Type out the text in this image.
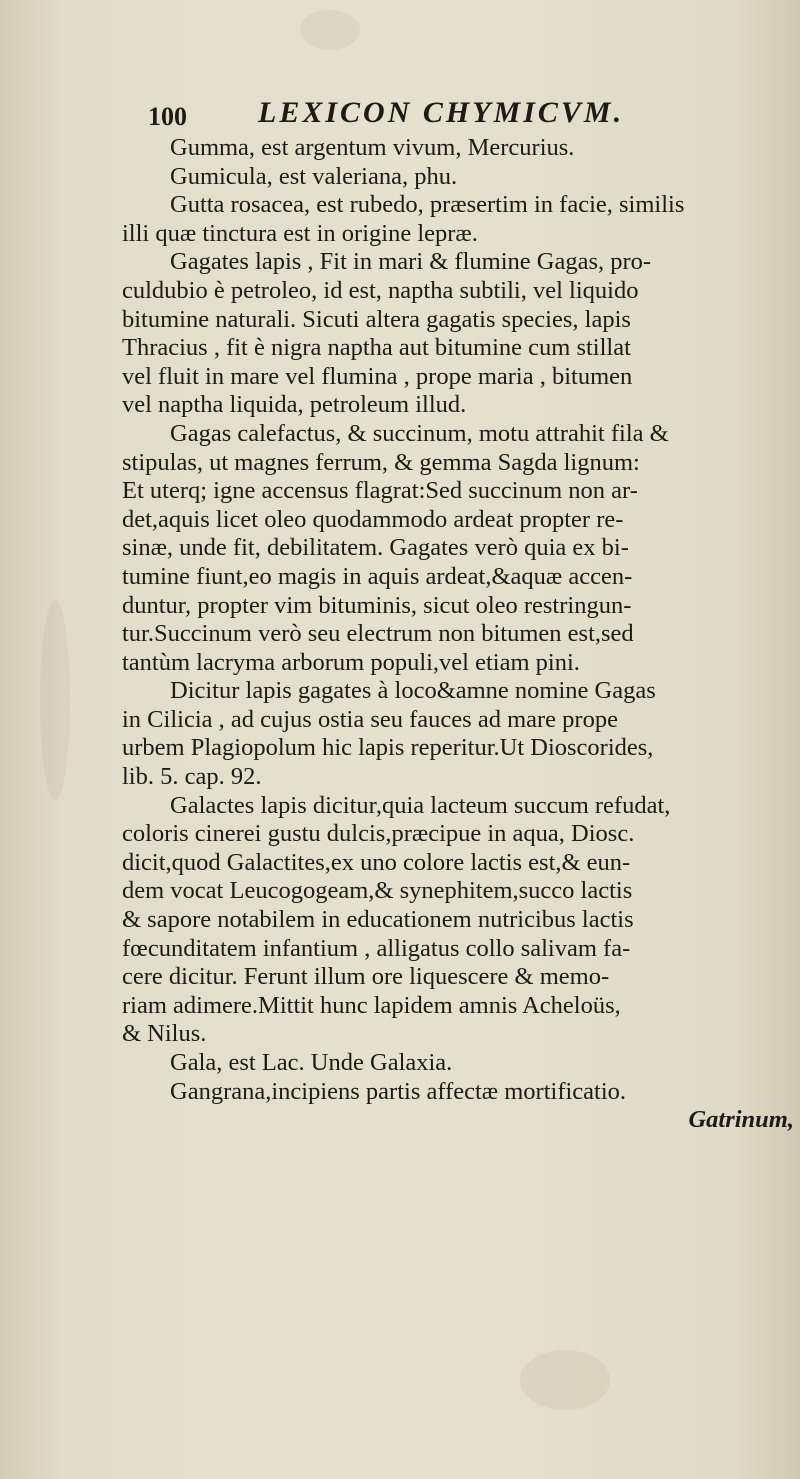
100 LEXICON CHYMICVM.
Gumma, est argentum vivum, Mercurius.
Gumicula, est valeriana, phu.
Gutta rosacea, est rubedo, præsertim in facie, similis
illi quæ tinctura est in origine lepræ.
Gagates lapis , Fit in mari & flumine Gagas, pro-
culdubio è petroleo, id est, naptha subtili, vel liquido
bitumine naturali. Sicuti altera gagatis species, lapis
Thracius , fit è nigra naptha aut bitumine cum stillat
vel fluit in mare vel flumina , prope maria , bitumen
vel naptha liquida, petroleum illud.
Gagas calefactus, & succinum, motu attrahit fila &
stipulas, ut magnes ferrum, & gemma Sagda lignum:
Et uterq; igne accensus flagrat:Sed succinum non ar-
det,aquis licet oleo quodammodo ardeat propter re-
sinæ, unde fit, debilitatem. Gagates verò quia ex bi-
tumine fiunt,eo magis in aquis ardeat,&aquæ accen-
duntur, propter vim bituminis, sicut oleo restringun-
tur.Succinum verò seu electrum non bitumen est,sed
tantùm lacryma arborum populi,vel etiam pini.
Dicitur lapis gagates à loco&amne nomine Gagas
in Cilicia , ad cujus ostia seu fauces ad mare prope
urbem Plagiopolum hic lapis reperitur.Ut Dioscorides,
lib. 5. cap. 92.
Galactes lapis dicitur,quia lacteum succum refudat,
coloris cinerei gustu dulcis,præcipue in aqua, Diosc.
dicit,quod Galactites,ex uno colore lactis est,& eun-
dem vocat Leucogogeam,& synephitem,succo lactis
& sapore notabilem in educationem nutricibus lactis
fœcunditatem infantium , alligatus collo salivam fa-
cere dicitur. Ferunt illum ore liquescere & memo-
riam adimere.Mittit hunc lapidem amnis Acheloüs,
& Nilus.
Gala, est Lac. Unde Galaxia.
Gangrana,incipiens partis affectæ mortificatio.
Gatrinum,
